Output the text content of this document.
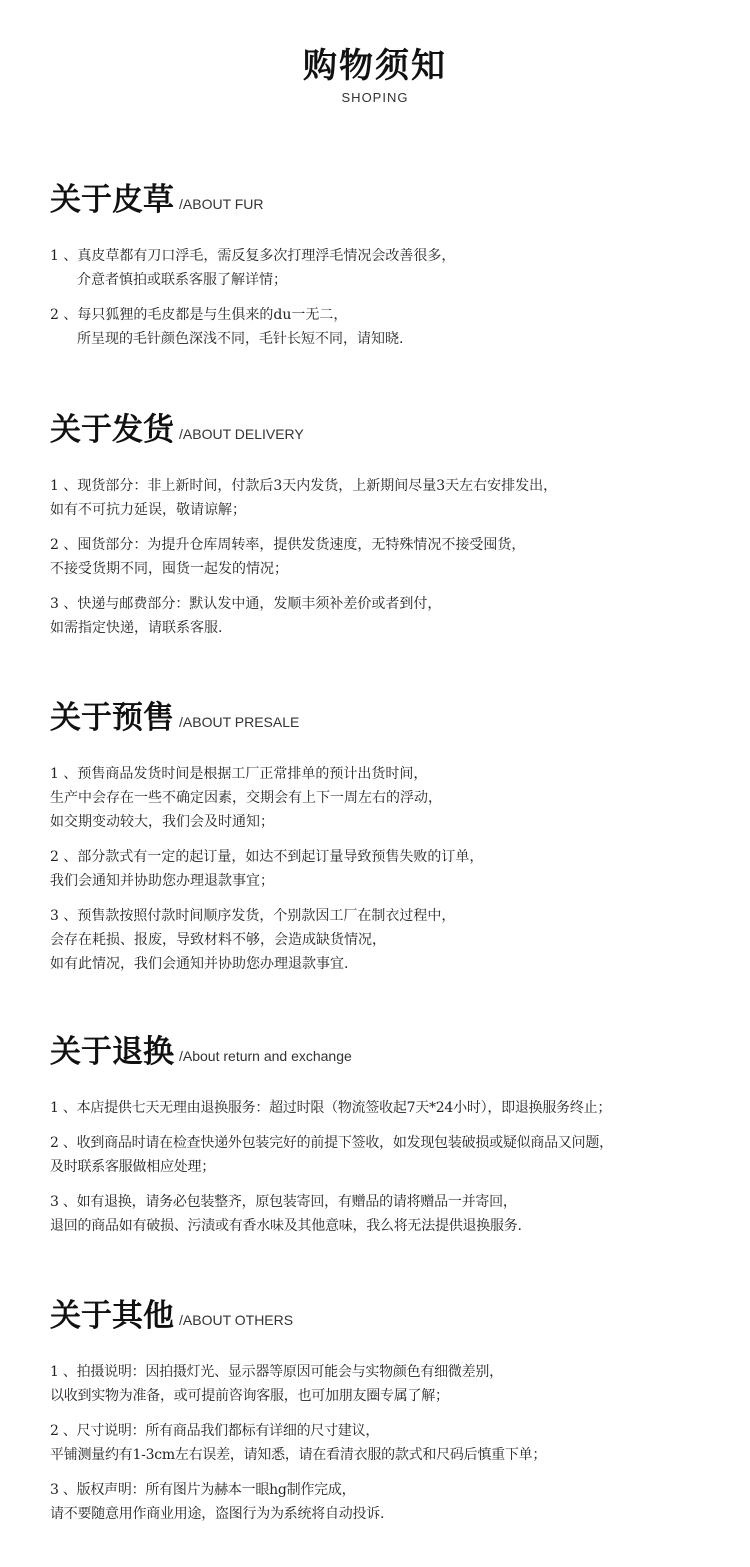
购物须知
SHOPING
关于皮草 /ABOUT FUR
1 、真皮草都有刀口浮毛，需反复多次打理浮毛情况会改善很多，
介意者慎拍或联系客服了解详情；
2 、每只狐狸的毛皮都是与生俱来的du一无二，
所呈现的毛针颜色深浅不同，毛针长短不同，请知晓.
关于发货 /ABOUT DELIVERY
1 、现货部分：非上新时间，付款后3天内发货，上新期间尽量3天左右安排发出，
如有不可抗力延误，敬请谅解；
2 、囤货部分：为提升仓库周转率，提供发货速度，无特殊情况不接受囤货，
不接受货期不同，囤货一起发的情况；
3 、快递与邮费部分：默认发中通，发顺丰须补差价或者到付，
如需指定快递，请联系客服.
关于预售 /ABOUT PRESALE
1 、预售商品发货时间是根据工厂正常排单的预计出货时间，
生产中会存在一些不确定因素，交期会有上下一周左右的浮动，
如交期变动较大，我们会及时通知；
2 、部分款式有一定的起订量，如达不到起订量导致预售失败的订单，
我们会通知并协助您办理退款事宜；
3 、预售款按照付款时间顺序发货，个别款因工厂在制衣过程中，
会存在耗损、报废，导致材料不够，会造成缺货情况，
如有此情况，我们会通知并协助您办理退款事宜.
关于退换 /About return and exchange
1 、本店提供七天无理由退换服务：超过时限（物流签收起7天*24小时），即退换服务终止；
2 、收到商品时请在检查快递外包装完好的前提下签收，如发现包装破损或疑似商品又问题，
及时联系客服做相应处理；
3 、如有退换，请务必包装整齐，原包装寄回，有赠品的请将赠品一并寄回，
退回的商品如有破损、污渍或有香水味及其他意味，我么将无法提供退换服务.
关于其他 /ABOUT OTHERS
1 、拍摄说明：因拍摄灯光、显示器等原因可能会与实物颜色有细微差别，
以收到实物为准备，或可提前咨询客服，也可加朋友圈专属了解；
2 、尺寸说明：所有商品我们都标有详细的尺寸建议，
平铺测量约有1-3cm左右误差，请知悉，请在看清衣服的款式和尺码后慎重下单；
3 、版权声明：所有图片为赫本一眼hg制作完成，
请不要随意用作商业用途，盗图行为为系统将自动投诉.
